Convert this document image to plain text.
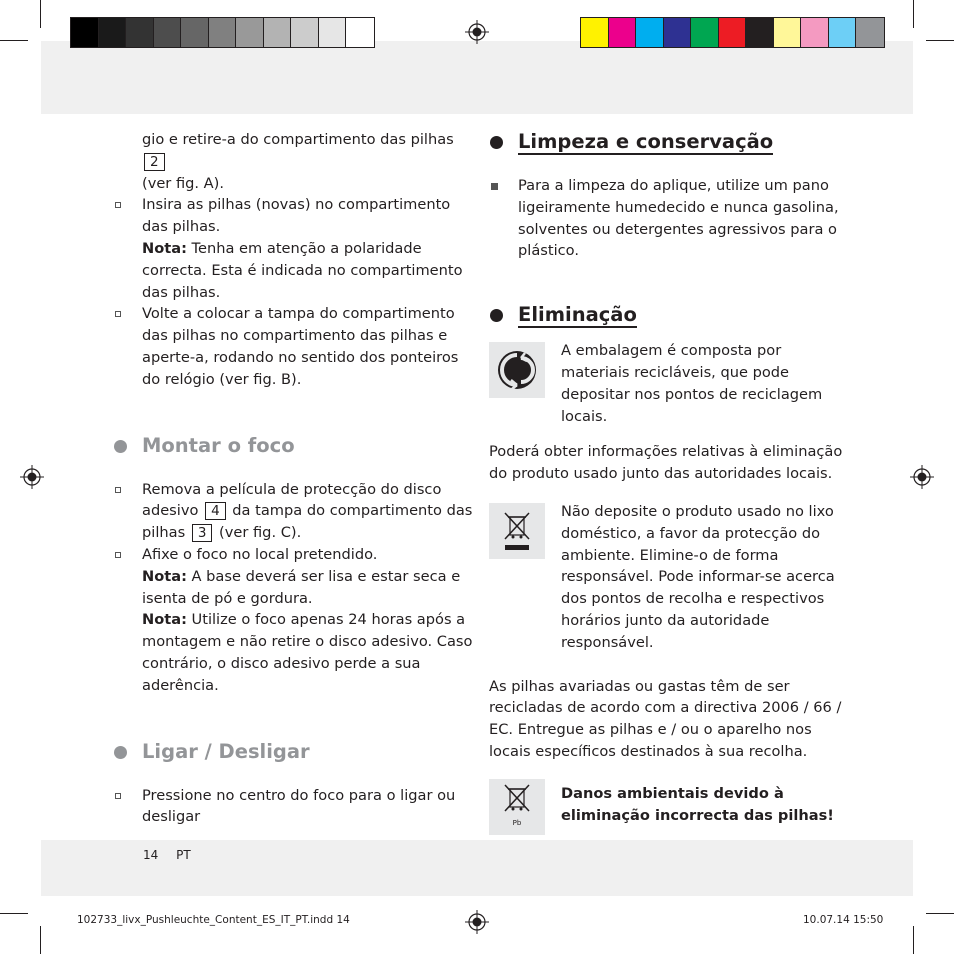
gio e retire-a do compartimento das pilhas 2
(ver fig. A).
Insira as pilhas (novas) no compartimento das pilhas.
Nota: Tenha em atenção a polaridade correcta. Esta é indicada no compartimento das pilhas.
Volte a colocar a tampa do compartimento das pilhas no compartimento das pilhas e aperte-a, rodando no sentido dos ponteiros do relógio (ver fig. B).
Montar o foco
Remova a película de protecção do disco adesivo 4 da tampa do compartimento das pilhas 3 (ver fig. C).
Afixe o foco no local pretendido.
Nota: A base deverá ser lisa e estar seca e isenta de pó e gordura.
Nota: Utilize o foco apenas 24 horas após a montagem e não retire o disco adesivo. Caso contrário, o disco adesivo perde a sua aderência.
Ligar / Desligar
Pressione no centro do foco para o ligar ou desligar
Limpeza e conservação
Para a limpeza do aplique, utilize um pano ligeiramente humedecido e nunca gasolina, solventes ou detergentes agressivos para o plástico.
Eliminação

A embalagem é composta por materiais recicláveis, que pode depositar nos pontos de reciclagem locais.

Poderá obter informações relativas à eliminação do produto usado junto das autoridades locais.

Não deposite o produto usado no lixo doméstico, a favor da protecção do ambiente. Elimine-o de forma responsável. Pode informar-se acerca dos pontos de recolha e respectivos horários junto da autoridade responsável.

As pilhas avariadas ou gastas têm de ser recicladas de acordo com a directiva 2006 / 66 / EC. Entregue as pilhas e / ou o aparelho nos locais específicos destinados à sua recolha.

Pb

Danos ambientais devido à eliminação incorrecta das pilhas!

14 PT
102733_livx_Pushleuchte_Content_ES_IT_PT.indd 14	10.07.14 15:50
